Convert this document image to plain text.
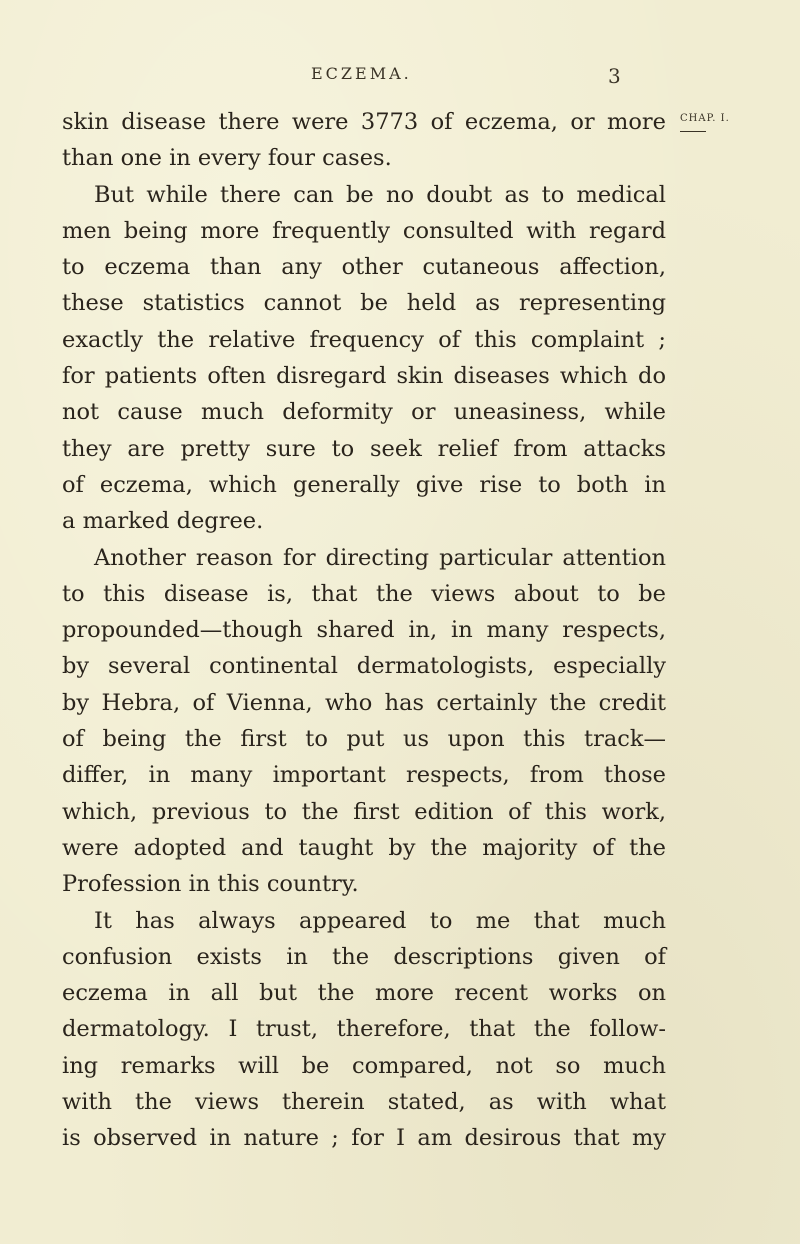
ECZEMA.	3
CHAP. I.
skin disease there were 3773 of eczema, or more
than one in every four cases.
But while there can be no doubt as to medical
men being more frequently consulted with regard
to eczema than any other cutaneous affection,
these statistics cannot be held as representing
exactly the relative frequency of this complaint ;
for patients often disregard skin diseases which do
not cause much deformity or uneasiness, while
they are pretty sure to seek relief from attacks
of eczema, which generally give rise to both in
a marked degree.
Another reason for directing particular attention
to this disease is, that the views about to be
propounded—though shared in, in many respects,
by several continental dermatologists, especially
by Hebra, of Vienna, who has certainly the credit
of being the first to put us upon this track—
differ, in many important respects, from those
which, previous to the first edition of this work,
were adopted and taught by the majority of the
Profession in this country.
It has always appeared to me that much
confusion exists in the descriptions given of
eczema in all but the more recent works on
dermatology. I trust, therefore, that the follow-
ing remarks will be compared, not so much
with the views therein stated, as with what
is observed in nature ; for I am desirous that my
